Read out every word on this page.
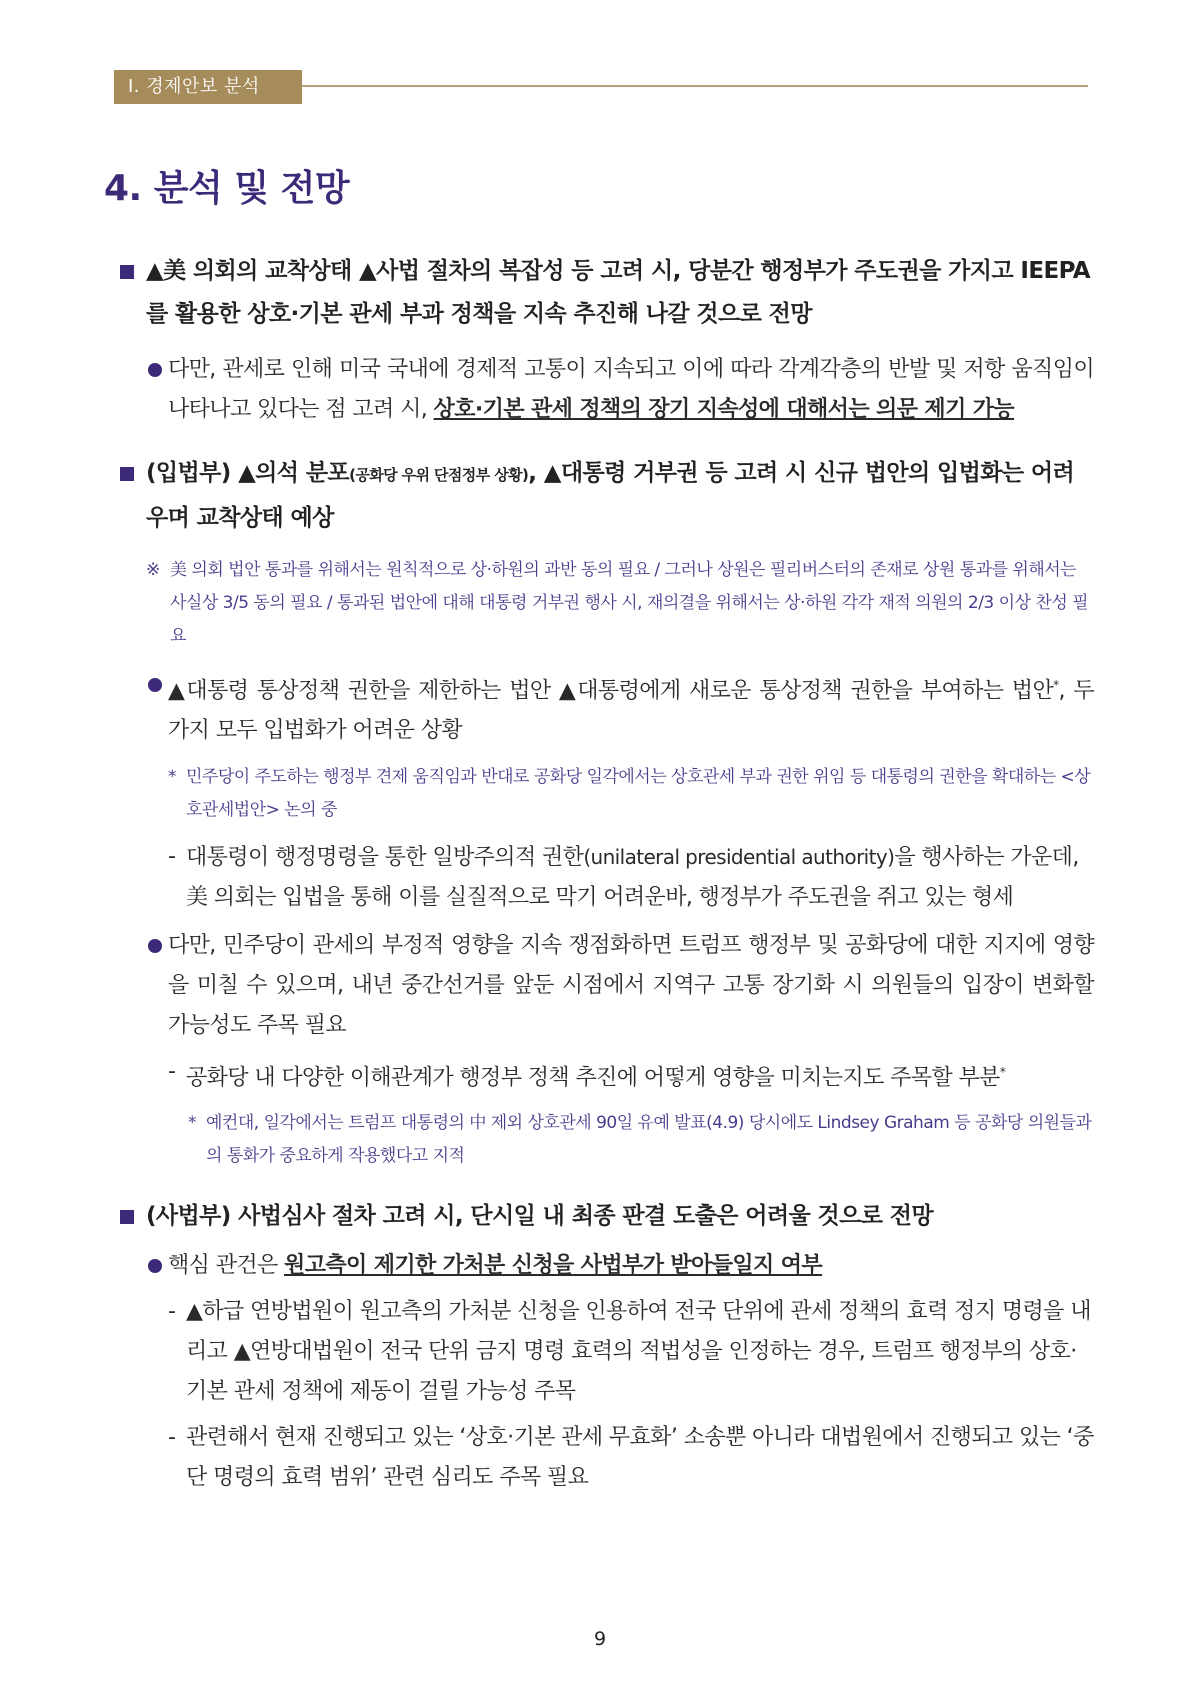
Ⅰ. 경제안보 분석
4. 분석 및 전망
▲美 의회의 교착상태 ▲사법 절차의 복잡성 등 고려 시, 당분간 행정부가 주도권을 가지고 IEEPA를 활용한 상호·기본 관세 부과 정책을 지속 추진해 나갈 것으로 전망
다만, 관세로 인해 미국 국내에 경제적 고통이 지속되고 이에 따라 각계각층의 반발 및 저항 움직임이 나타나고 있다는 점 고려 시, 상호·기본 관세 정책의 장기 지속성에 대해서는 의문 제기 가능
(입법부) ▲의석 분포(공화당 우위 단점정부 상황), ▲대통령 거부권 등 고려 시 신규 법안의 입법화는 어려우며 교착상태 예상
※ 美 의회 법안 통과를 위해서는 원칙적으로 상·하원의 과반 동의 필요 / 그러나 상원은 필리버스터의 존재로 상원 통과를 위해서는 사실상 3/5 동의 필요 / 통과된 법안에 대해 대통령 거부권 행사 시, 재의결을 위해서는 상·하원 각각 재적 의원의 2/3 이상 찬성 필요
▲대통령 통상정책 권한을 제한하는 법안 ▲대통령에게 새로운 통상정책 권한을 부여하는 법안*, 두 가지 모두 입법화가 어려운 상황
* 민주당이 주도하는 행정부 견제 움직임과 반대로 공화당 일각에서는 상호관세 부과 권한 위임 등 대통령의 권한을 확대하는 <상호관세법안> 논의 중
- 대통령이 행정명령을 통한 일방주의적 권한(unilateral presidential authority)을 행사하는 가운데, 美 의회는 입법을 통해 이를 실질적으로 막기 어려운바, 행정부가 주도권을 쥐고 있는 형세
다만, 민주당이 관세의 부정적 영향을 지속 쟁점화하면 트럼프 행정부 및 공화당에 대한 지지에 영향을 미칠 수 있으며, 내년 중간선거를 앞둔 시점에서 지역구 고통 장기화 시 의원들의 입장이 변화할 가능성도 주목 필요
- 공화당 내 다양한 이해관계가 행정부 정책 추진에 어떻게 영향을 미치는지도 주목할 부분*
* 예컨대, 일각에서는 트럼프 대통령의 中 제외 상호관세 90일 유예 발표(4.9) 당시에도 Lindsey Graham 등 공화당 의원들과의 통화가 중요하게 작용했다고 지적
(사법부) 사법심사 절차 고려 시, 단시일 내 최종 판결 도출은 어려울 것으로 전망
핵심 관건은 원고측이 제기한 가처분 신청을 사법부가 받아들일지 여부
- ▲하급 연방법원이 원고측의 가처분 신청을 인용하여 전국 단위에 관세 정책의 효력 정지 명령을 내리고 ▲연방대법원이 전국 단위 금지 명령 효력의 적법성을 인정하는 경우, 트럼프 행정부의 상호·기본 관세 정책에 제동이 걸릴 가능성 주목
- 관련해서 현재 진행되고 있는 ‘상호·기본 관세 무효화’ 소송뿐 아니라 대법원에서 진행되고 있는 ‘중단 명령의 효력 범위’ 관련 심리도 주목 필요
9
